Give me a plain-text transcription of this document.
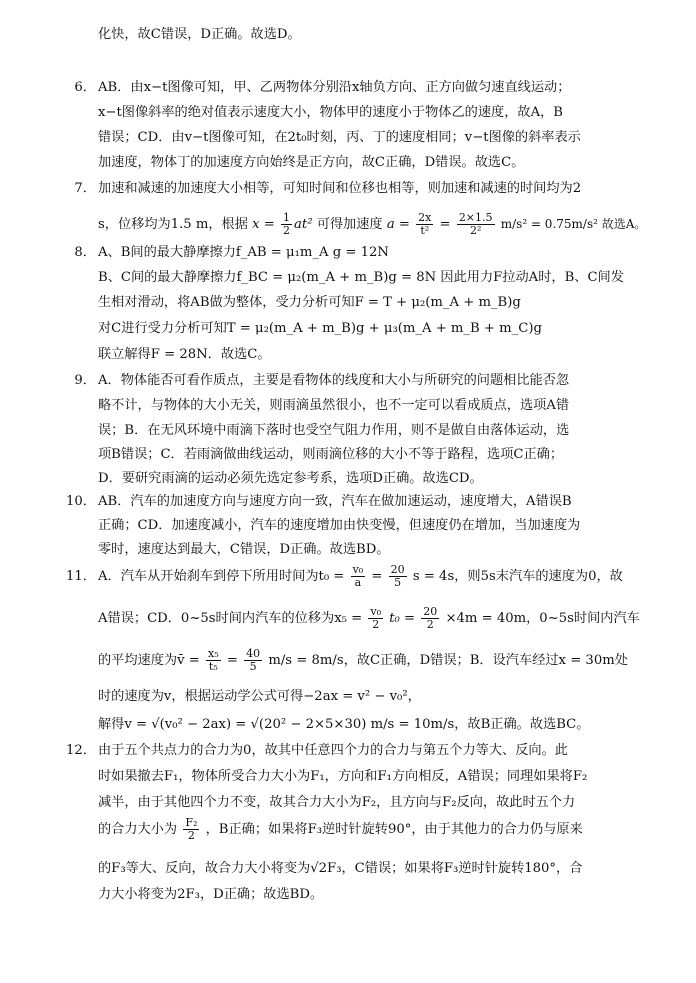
化快，故C错误，D正确。故选D。
6． AB．由x−t图像可知，甲、乙两物体分别沿x轴负方向、正方向做匀速直线运动；
x−t图像斜率的绝对值表示速度大小，物体甲的速度小于物体乙的速度，故A，B
错误；CD．由v−t图像可知，在2t₀时刻，丙、丁的速度相同；v−t图像的斜率表示
加速度，物体丁的加速度方向始终是正方向，故C正确，D错误。故选C。
7． 加速和减速的加速度大小相等，可知时间和位移也相等，则加速和减速的时间均为2
s，位移均为1.5 m，根据 $x = \frac{1}{2} at^2$ 可得加速度 $a = \frac{2x}{\text{t²}} = \frac{2\times 1.5}{\text{2²}} m/s^2 = 0.75m/s^2$ 故选A。
8． A、B间的最大静摩擦力f_AB = μ₁m_A g = 12N
B、C间的最大静摩擦力f_BC = μ₂(m_A + m_B)g = 8N 因此用力F拉动A时，B、C间发
生相对滑动，将AB做为整体，受力分析可知F = T + μ₂(m_A + m_B)g
对C进行受力分析可知T = μ₂(m_A + m_B)g + μ₃(m_A + m_B + m_C)g
联立解得F = 28N．故选C。
9． A．物体能否可看作质点，主要是看物体的线度和大小与所研究的问题相比能否忽
略不计，与物体的大小无关，则雨滴虽然很小，也不一定可以看成质点，选项A错
误；B．在无风环境中雨滴下落时也受空气阻力作用，则不是做自由落体运动，选
项B错误；C．若雨滴做曲线运动，则雨滴位移的大小不等于路程，选项C正确；
D．要研究雨滴的运动必须先选定参考系，选项D正确。故选CD。
10． AB．汽车的加速度方向与速度方向一致，汽车在做加速运动，速度增大，A错误B
正确；CD．加速度减小，汽车的速度增加由快变慢，但速度仍在增加，当加速度为
零时，速度达到最大，C错误，D正确。故选BD。
11． A．汽车从开始刹车到停下所用时间为$t_0 = \frac{\text{v₀}}{a} = \frac{20}{5}$ s = 4s，则5s末汽车的速度为0，故
A错误；CD．0~5s时间内汽车的位移为$x_5 = \frac{\text{v₀}}{2} t_0 = \frac{20}{2} \times 4m = 40m$，0~5s时间内汽车
的平均速度为v̄ = $\frac{\text{x₅}}{\text{t₅}} = \frac{40}{5} m/s = 8m/s$，故C正确，D错误；B．设汽车经过x = 30m处
时的速度为v，根据运动学公式可得−2ax = v² − v₀²，
解得v = √(v₀² − 2ax) = √(20² − 2×5×30) m/s = 10m/s，故B正确。故选BC。
12． 由于五个共点力的合力为0，故其中任意四个力的合力与第五个力等大、反向。此
时如果撤去F₁，物体所受合力大小为F₁，方向和F₁方向相反，A错误；同理如果将F₂
减半，由于其他四个力不变，故其合力大小为F₂，且方向与F₂反向，故此时五个力
的合力大小为 $\frac{\text{F₂}}{2}$ ，B正确；如果将F₃逆时针旋转90°，由于其他力的合力仍与原来
的F₃等大、反向，故合力大小将变为√2F₃，C错误；如果将F₃逆时针旋转180°，合
力大小将变为2F₃，D正确；故选BD。
